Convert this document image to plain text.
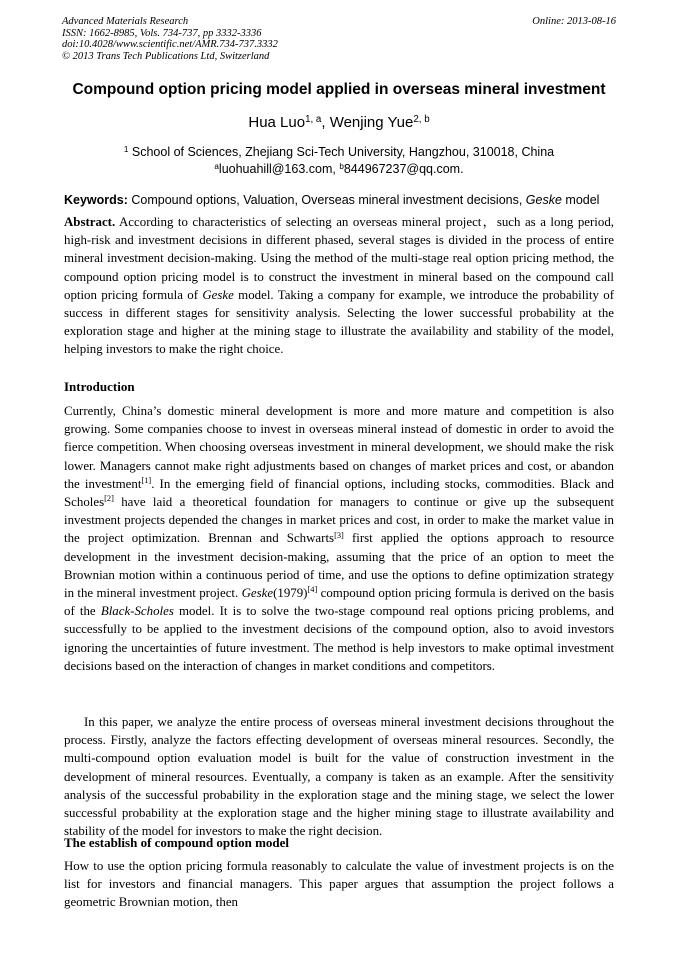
Advanced Materials Research
ISSN: 1662-8985, Vols. 734-737, pp 3332-3336
doi:10.4028/www.scientific.net/AMR.734-737.3332
© 2013 Trans Tech Publications Ltd, Switzerland
Online: 2013-08-16
Compound option pricing model applied in overseas mineral investment
Hua Luo$^{1, a}$, Wenjing Yue$^{2, b}$
$^1$ School of Sciences, Zhejiang Sci-Tech University, Hangzhou, 310018, China
$^a$luohuahill@163.com, $^b$844967237@qq.com.
Keywords: Compound options, Valuation, Overseas mineral investment decisions, Geske model

Abstract. According to characteristics of selecting an overseas mineral project，such as a long period, high-risk and investment decisions in different phased, several stages is divided in the process of entire mineral investment decision-making. Using the method of the multi-stage real option pricing method, the compound option pricing model is to construct the investment in mineral based on the compound call option pricing formula of Geske model. Taking a company for example, we introduce the probability of success in different stages for sensitivity analysis. Selecting the lower successful probability at the exploration stage and higher at the mining stage to illustrate the availability and stability of the model, helping investors to make the right choice.

Introduction

Currently, China’s domestic mineral development is more and more mature and competition is also growing. Some companies choose to invest in overseas mineral instead of domestic in order to avoid the fierce competition. When choosing overseas investment in mineral development, we should make the risk lower. Managers cannot make right adjustments based on changes of market prices and cost, or abandon the investment[1]. In the emerging field of financial options, including stocks, commodities. Black and Scholes[2] have laid a theoretical foundation for managers to continue or give up the subsequent investment projects depended the changes in market prices and cost, in order to make the market value in the project optimization. Brennan and Schwarts[3] first applied the options approach to resource development in the investment decision-making, assuming that the price of an option to meet the Brownian motion within a continuous period of time, and use the options to define optimization strategy in the mineral investment project. Geske(1979)[4] compound option pricing formula is derived on the basis of the Black-Scholes model. It is to solve the two-stage compound real options pricing problems, and successfully to be applied to the investment decisions of the compound option, also to avoid investors ignoring the uncertainties of future investment. The method is help investors to make optimal investment decisions based on the interaction of changes in market conditions and competitors.

In this paper, we analyze the entire process of overseas mineral investment decisions throughout the process. Firstly, analyze the factors effecting development of overseas mineral resources. Secondly, the multi-compound option evaluation model is built for the value of construction investment in the development of mineral resources. Eventually, a company is taken as an example. After the sensitivity analysis of the successful probability in the exploration stage and the mining stage, we select the lower successful probability at the exploration stage and the higher mining stage to illustrate availability and stability of the model for investors to make the right decision.

The establish of compound option model

How to use the option pricing formula reasonably to calculate the value of investment projects is on the list for investors and financial managers. This paper argues that assumption the project follows a geometric Brownian motion, then
